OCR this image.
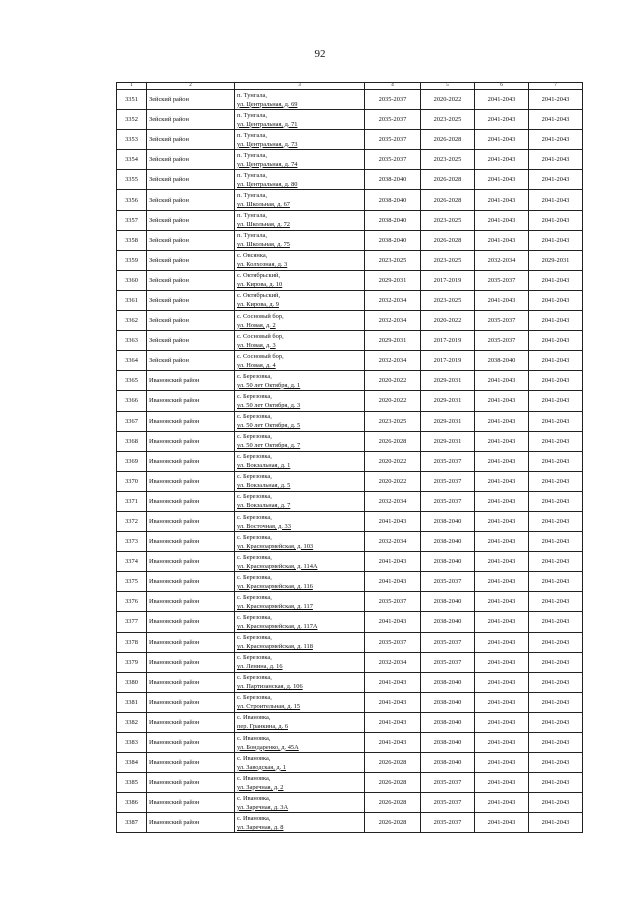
92
1	2	3	4	5	6	7
3351	Зейский район	п. Тунгала,
ул. Центральная, д. 69	2035-2037	2020-2022	2041-2043	2041-2043
3352	Зейский район	п. Тунгала,
ул. Центральная, д. 71	2035-2037	2023-2025	2041-2043	2041-2043
3353	Зейский район	п. Тунгала,
ул. Центральная, д. 73	2035-2037	2026-2028	2041-2043	2041-2043
3354	Зейский район	п. Тунгала,
ул. Центральная, д. 74	2035-2037	2023-2025	2041-2043	2041-2043
3355	Зейский район	п. Тунгала,
ул. Центральная, д. 80	2038-2040	2026-2028	2041-2043	2041-2043
3356	Зейский район	п. Тунгала,
ул. Школьная, д. 67	2038-2040	2026-2028	2041-2043	2041-2043
3357	Зейский район	п. Тунгала,
ул. Школьная, д. 72	2038-2040	2023-2025	2041-2043	2041-2043
3358	Зейский район	п. Тунгала,
ул. Школьная, д. 75	2038-2040	2026-2028	2041-2043	2041-2043
3359	Зейский район	с. Овсянка,
ул. Колхозная, д. 3	2023-2025	2023-2025	2032-2034	2029-2031
3360	Зейский район	с. Октябрьский,
ул. Кирова, д. 10	2029-2031	2017-2019	2035-2037	2041-2043
3361	Зейский район	с. Октябрьский,
ул. Кирова, д. 9	2032-2034	2023-2025	2041-2043	2041-2043
3362	Зейский район	с. Сосновый бор,
ул. Новая, д. 2	2032-2034	2020-2022	2035-2037	2041-2043
3363	Зейский район	с. Сосновый бор,
ул. Новая, д. 3	2029-2031	2017-2019	2035-2037	2041-2043
3364	Зейский район	с. Сосновый бор,
ул. Новая, д. 4	2032-2034	2017-2019	2038-2040	2041-2043
3365	Ивановский район	с. Березовка,
ул. 50 лет Октября, д. 1	2020-2022	2029-2031	2041-2043	2041-2043
3366	Ивановский район	с. Березовка,
ул. 50 лет Октября, д. 3	2020-2022	2029-2031	2041-2043	2041-2043
3367	Ивановский район	с. Березовка,
ул. 50 лет Октября, д. 5	2023-2025	2029-2031	2041-2043	2041-2043
3368	Ивановский район	с. Березовка,
ул. 50 лет Октября, д. 7	2026-2028	2029-2031	2041-2043	2041-2043
3369	Ивановский район	с. Березовка,
ул. Вокзальная, д. 1	2020-2022	2035-2037	2041-2043	2041-2043
3370	Ивановский район	с. Березовка,
ул. Вокзальная, д. 5	2020-2022	2035-2037	2041-2043	2041-2043
3371	Ивановский район	с. Березовка,
ул. Вокзальная, д. 7	2032-2034	2035-2037	2041-2043	2041-2043
3372	Ивановский район	с. Березовка,
ул. Восточная, д. 33	2041-2043	2038-2040	2041-2043	2041-2043
3373	Ивановский район	с. Березовка,
ул. Красноармейская, д. 103	2032-2034	2038-2040	2041-2043	2041-2043
3374	Ивановский район	с. Березовка,
ул. Красноармейская, д. 114А	2041-2043	2038-2040	2041-2043	2041-2043
3375	Ивановский район	с. Березовка,
ул. Красноармейская, д. 116	2041-2043	2035-2037	2041-2043	2041-2043
3376	Ивановский район	с. Березовка,
ул. Красноармейская, д. 117	2035-2037	2038-2040	2041-2043	2041-2043
3377	Ивановский район	с. Березовка,
ул. Красноармейская, д. 117А	2041-2043	2038-2040	2041-2043	2041-2043
3378	Ивановский район	с. Березовка,
ул. Красноармейская, д. 118	2035-2037	2035-2037	2041-2043	2041-2043
3379	Ивановский район	с. Березовка,
ул. Ленина, д. 16	2032-2034	2035-2037	2041-2043	2041-2043
3380	Ивановский район	с. Березовка,
ул. Партизанская, д. 106	2041-2043	2038-2040	2041-2043	2041-2043
3381	Ивановский район	с. Березовка,
ул. Строительная, д. 15	2041-2043	2038-2040	2041-2043	2041-2043
3382	Ивановский район	с. Ивановка,
пер. Гранкина, д. 6	2041-2043	2038-2040	2041-2043	2041-2043
3383	Ивановский район	с. Ивановка,
ул. Бондаренко, д. 45А	2041-2043	2038-2040	2041-2043	2041-2043
3384	Ивановский район	с. Ивановка,
ул. Заводская, д. 1	2026-2028	2038-2040	2041-2043	2041-2043
3385	Ивановский район	с. Ивановка,
ул. Заречная, д. 2	2026-2028	2035-2037	2041-2043	2041-2043
3386	Ивановский район	с. Ивановка,
ул. Заречная, д. 3А	2026-2028	2035-2037	2041-2043	2041-2043
3387	Ивановский район	с. Ивановка,
ул. Заречная, д. 8	2026-2028	2035-2037	2041-2043	2041-2043
